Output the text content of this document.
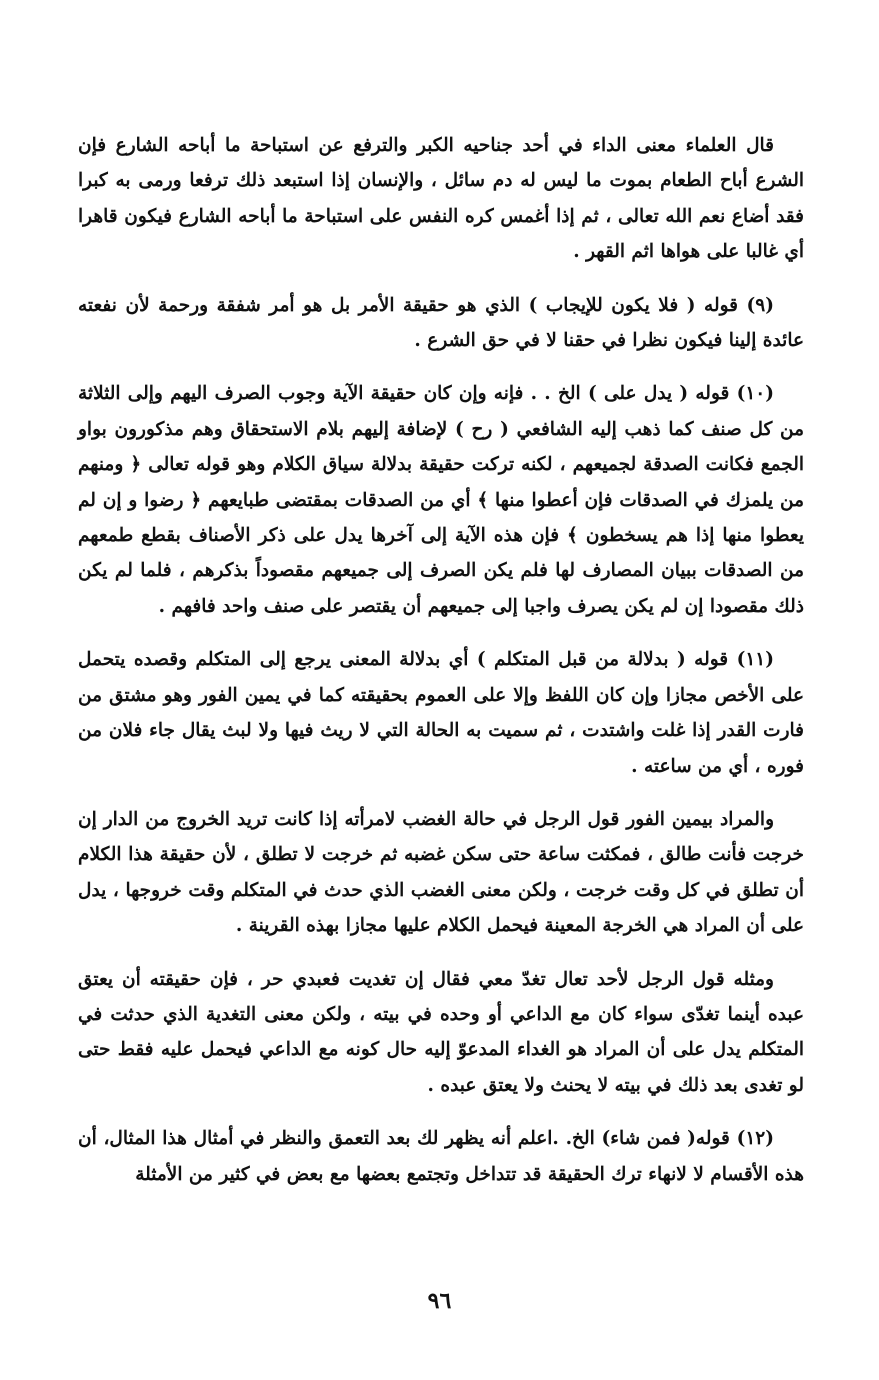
قال العلماء معنى الداء في أحد جناحيه الكبر والترفع عن استباحة ما أباحه الشارع فإن الشرع أباح الطعام بموت ما ليس له دم سائل ، والإنسان إذا استبعد ذلك ترفعا ورمى به كبرا فقد أضاع نعم الله تعالى ، ثم إذا أغمس كره النفس على استباحة ما أباحه الشارع فيكون قاهرا أي غالبا على هواها اثم القهر .

(٩) قوله ( فلا يكون للإيجاب ) الذي هو حقيقة الأمر بل هو أمر شفقة ورحمة لأن نفعته عائدة إلينا فيكون نظرا في حقنا لا في حق الشرع .

(١٠) قوله ( يدل على ) الخ . . فإنه وإن كان حقيقة الآية وجوب الصرف اليهم وإلى الثلاثة من كل صنف كما ذهب إليه الشافعي ( رح ) لإضافة إليهم بلام الاستحقاق وهم مذكورون بواو الجمع فكانت الصدقة لجميعهم ، لكنه تركت حقيقة بدلالة سياق الكلام وهو قوله تعالى ﴿ ومنهم من يلمزك في الصدقات فإن أعطوا منها ﴾ أي من الصدقات بمقتضى طبايعهم ﴿ رضوا و إن لم يعطوا منها إذا هم يسخطون ﴾ فإن هذه الآية إلى آخرها يدل على ذكر الأصناف بقطع طمعهم من الصدقات ببيان المصارف لها فلم يكن الصرف إلى جميعهم مقصوداً بذكرهم ، فلما لم يكن ذلك مقصودا إن لم يكن يصرف واجبا إلى جميعهم أن يقتصر على صنف واحد فافهم .

(١١) قوله ( بدلالة من قبل المتكلم ) أي بدلالة المعنى يرجع إلى المتكلم وقصده يتحمل على الأخص مجازا وإن كان اللفظ وإلا على العموم بحقيقته كما في يمين الفور وهو مشتق من فارت القدر إذا غلت واشتدت ، ثم سميت به الحالة التي لا ريث فيها ولا لبث يقال جاء فلان من فوره ، أي من ساعته .

والمراد بيمين الفور قول الرجل في حالة الغضب لامرأته إذا كانت تريد الخروج من الدار إن خرجت فأنت طالق ، فمكثت ساعة حتى سكن غضبه ثم خرجت لا تطلق ، لأن حقيقة هذا الكلام أن تطلق في كل وقت خرجت ، ولكن معنى الغضب الذي حدث في المتكلم وقت خروجها ، يدل على أن المراد هي الخرجة المعينة فيحمل الكلام عليها مجازا بهذه القرينة .

ومثله قول الرجل لأحد تعال تغدّ معي فقال إن تغديت فعبدي حر ، فإن حقيقته أن يعتق عبده أينما تغدّى سواء كان مع الداعي أو وحده في بيته ، ولكن معنى التغدية الذي حدثت في المتكلم يدل على أن المراد هو الغداء المدعوّ إليه حال كونه مع الداعي فيحمل عليه فقط حتى لو تغدى بعد ذلك في بيته لا يحنث ولا يعتق عبده .

(١٢) قوله( فمن شاء) الخ. .اعلم أنه يظهر لك بعد التعمق والنظر في أمثال هذا المثال، أن هذه الأقسام لا لانهاء ترك الحقيقة قد تتداخل وتجتمع بعضها مع بعض في كثير من الأمثلة

٩٦
